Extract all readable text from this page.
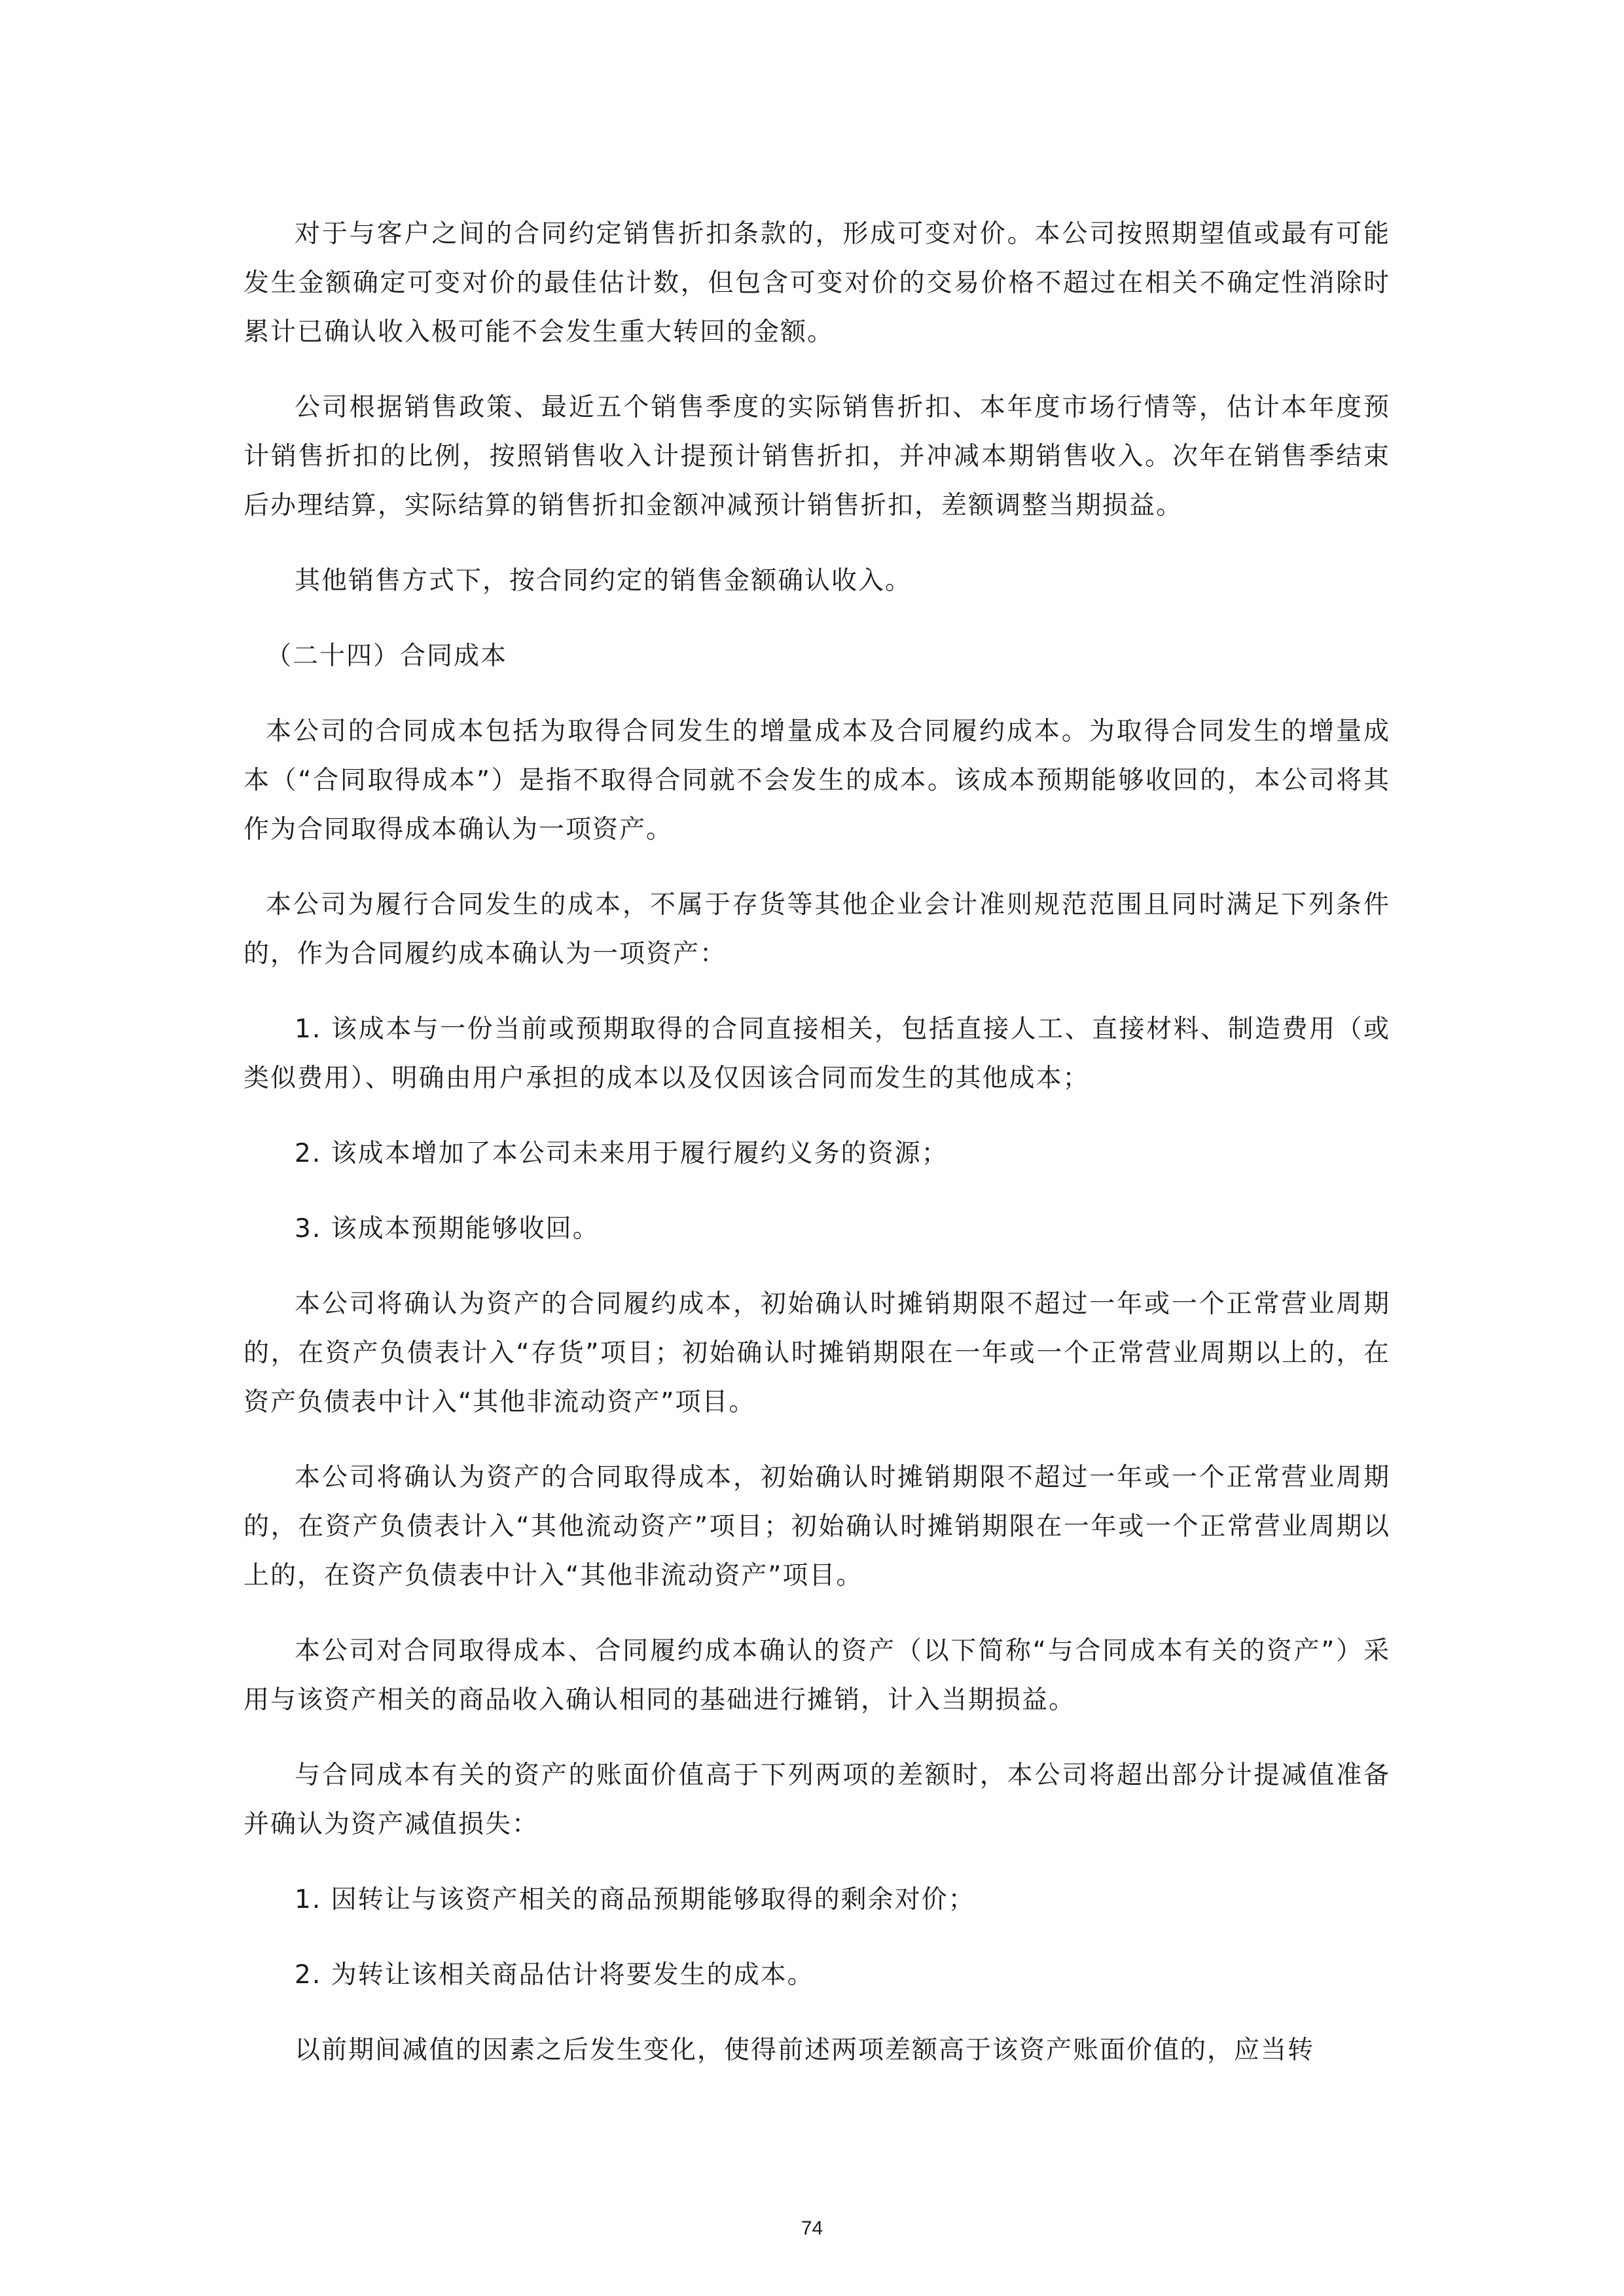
对于与客户之间的合同约定销售折扣条款的，形成可变对价。本公司按照期望值或最有可能发生金额确定可变对价的最佳估计数，但包含可变对价的交易价格不超过在相关不确定性消除时累计已确认收入极可能不会发生重大转回的金额。

公司根据销售政策、最近五个销售季度的实际销售折扣、本年度市场行情等，估计本年度预计销售折扣的比例，按照销售收入计提预计销售折扣，并冲减本期销售收入。次年在销售季结束后办理结算，实际结算的销售折扣金额冲减预计销售折扣，差额调整当期损益。

其他销售方式下，按合同约定的销售金额确认收入。

（二十四）合同成本

本公司的合同成本包括为取得合同发生的增量成本及合同履约成本。为取得合同发生的增量成本（“合同取得成本”）是指不取得合同就不会发生的成本。该成本预期能够收回的，本公司将其作为合同取得成本确认为一项资产。

本公司为履行合同发生的成本，不属于存货等其他企业会计准则规范范围且同时满足下列条件的，作为合同履约成本确认为一项资产：

1. 该成本与一份当前或预期取得的合同直接相关，包括直接人工、直接材料、制造费用（或类似费用）、明确由用户承担的成本以及仅因该合同而发生的其他成本；

2. 该成本增加了本公司未来用于履行履约义务的资源；

3. 该成本预期能够收回。

本公司将确认为资产的合同履约成本，初始确认时摊销期限不超过一年或一个正常营业周期的，在资产负债表计入“存货”项目；初始确认时摊销期限在一年或一个正常营业周期以上的，在资产负债表中计入“其他非流动资产”项目。

本公司将确认为资产的合同取得成本，初始确认时摊销期限不超过一年或一个正常营业周期的，在资产负债表计入“其他流动资产”项目；初始确认时摊销期限在一年或一个正常营业周期以上的，在资产负债表中计入“其他非流动资产”项目。

本公司对合同取得成本、合同履约成本确认的资产（以下简称“与合同成本有关的资产”）采用与该资产相关的商品收入确认相同的基础进行摊销，计入当期损益。

与合同成本有关的资产的账面价值高于下列两项的差额时，本公司将超出部分计提减值准备并确认为资产减值损失：

1. 因转让与该资产相关的商品预期能够取得的剩余对价；

2. 为转让该相关商品估计将要发生的成本。

以前期间减值的因素之后发生变化，使得前述两项差额高于该资产账面价值的，应当转

74
